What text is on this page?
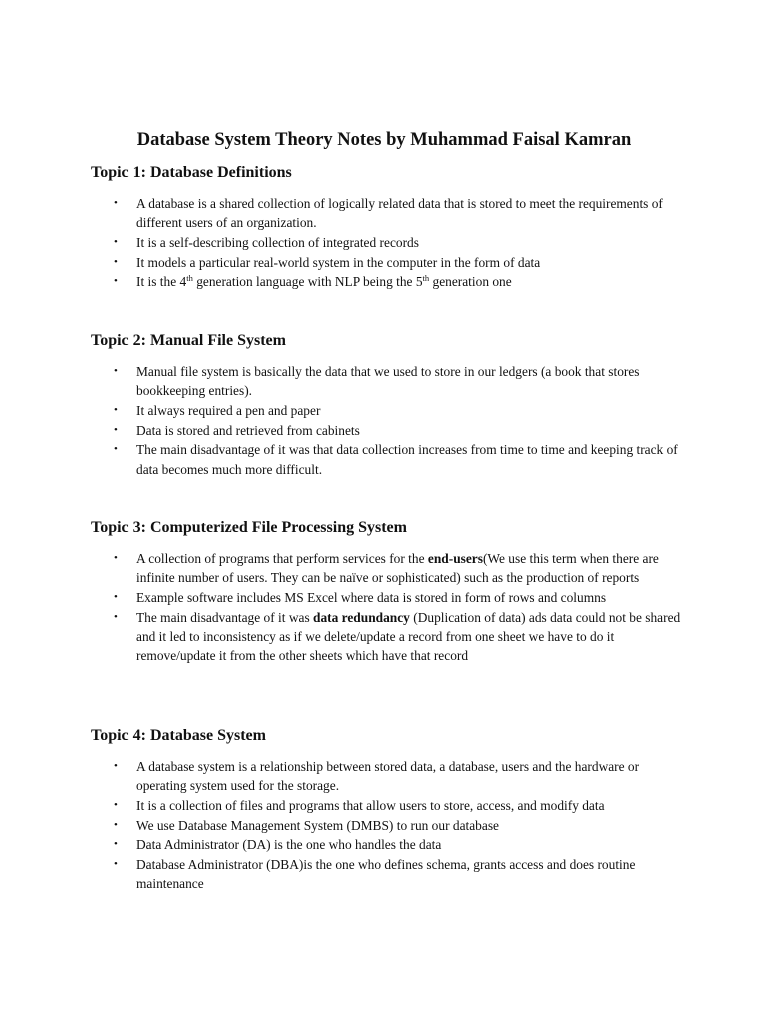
Database System Theory Notes by Muhammad Faisal Kamran
Topic 1: Database Definitions
• A database is a shared collection of logically related data that is stored to meet the requirements of different users of an organization.
• It is a self-describing collection of integrated records
• It models a particular real-world system in the computer in the form of data
• It is the 4th generation language with NLP being the 5th generation one
Topic 2: Manual File System
• Manual file system is basically the data that we used to store in our ledgers (a book that stores bookkeeping entries).
• It always required a pen and paper
• Data is stored and retrieved from cabinets
• The main disadvantage of it was that data collection increases from time to time and keeping track of data becomes much more difficult.
Topic 3: Computerized File Processing System
• A collection of programs that perform services for the end-users(We use this term when there are infinite number of users. They can be naïve or sophisticated) such as the production of reports
• Example software includes MS Excel where data is stored in form of rows and columns
• The main disadvantage of it was data redundancy (Duplication of data) ads data could not be shared and it led to inconsistency as if we delete/update a record from one sheet we have to do it remove/update it from the other sheets which have that record
Topic 4: Database System
• A database system is a relationship between stored data, a database, users and the hardware or operating system used for the storage.
• It is a collection of files and programs that allow users to store, access, and modify data
• We use Database Management System (DMBS) to run our database
• Data Administrator (DA) is the one who handles the data
• Database Administrator (DBA)is the one who defines schema, grants access and does routine maintenance
